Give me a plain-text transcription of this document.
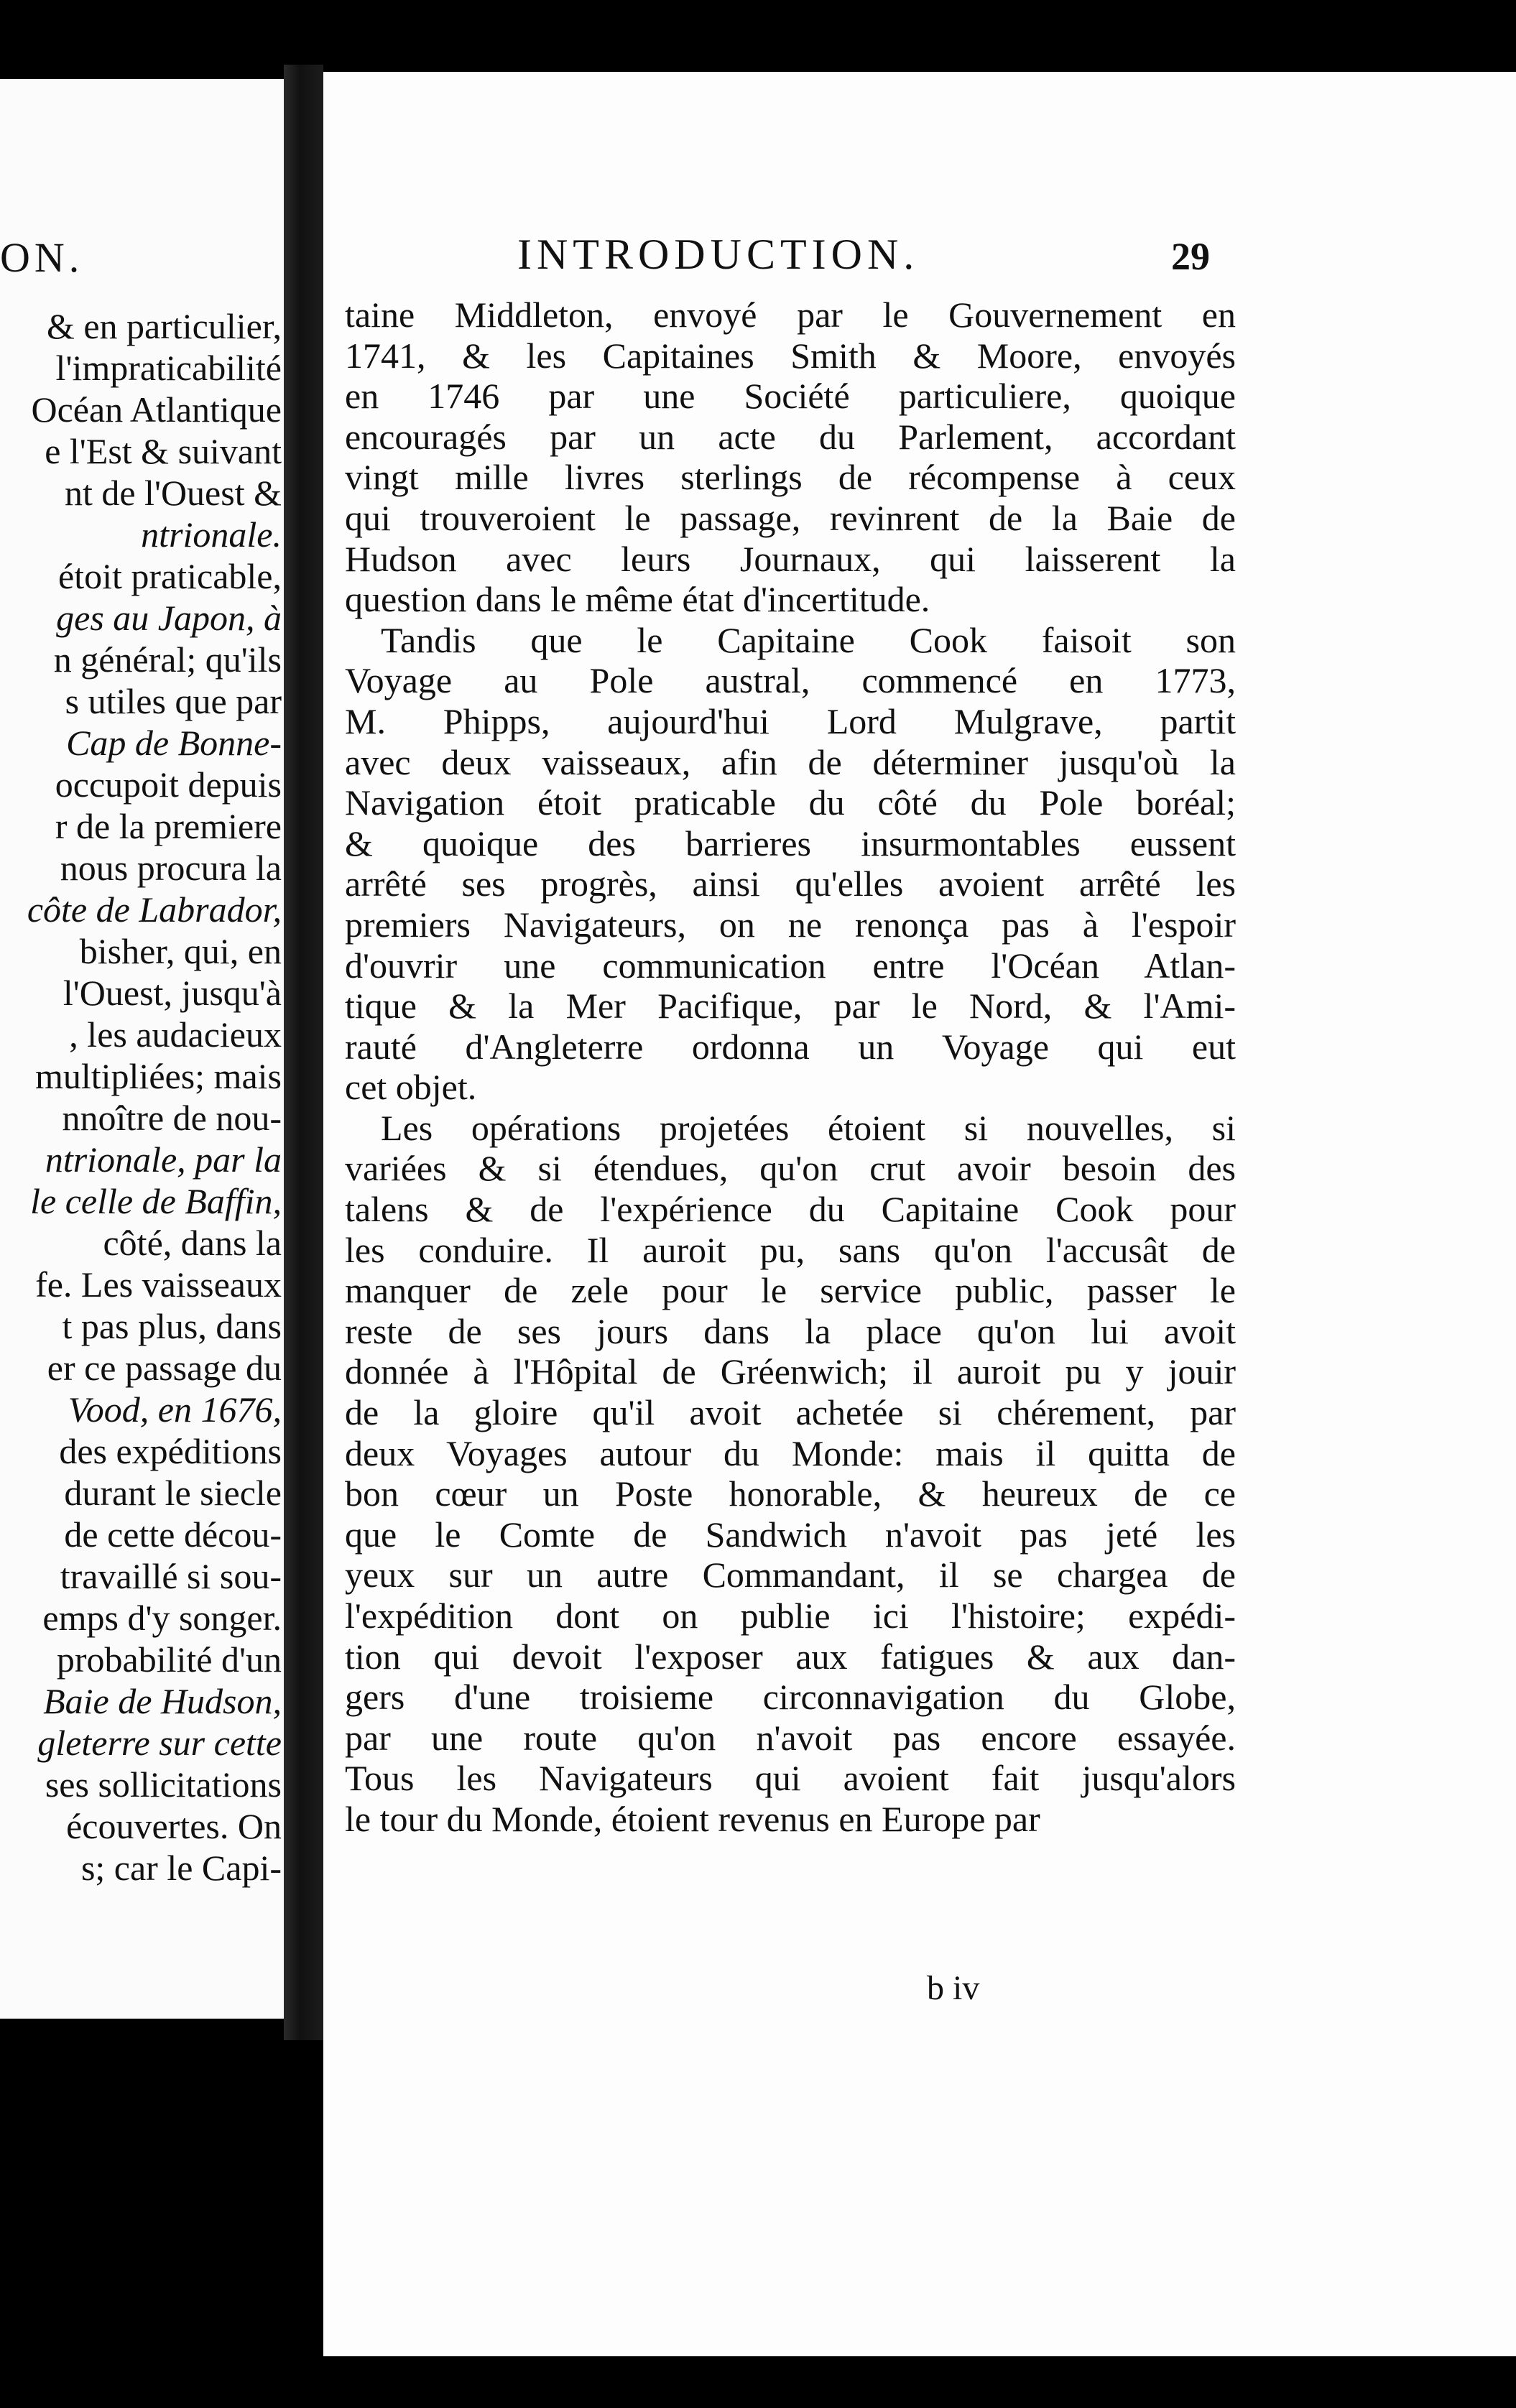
ON.
& en particulier,
l'impraticabilité
Océan Atlantique
e l'Est & suivant
nt de l'Ouest &
ntrionale.
étoit praticable,
ges au Japon, à
n général; qu'ils
s utiles que par
Cap de Bonne-
occupoit depuis
r de la premiere
nous procura la
côte de Labrador,
bisher, qui, en
l'Ouest, jusqu'à
, les audacieux
multipliées; mais
nnoître de nou-
ntrionale, par la
le celle de Baffin,
côté, dans la
fe. Les vaisseaux
t pas plus, dans
er ce passage du
Vood, en 1676,
des expéditions
durant le siecle
de cette décou-
travaillé si sou-
emps d'y songer.
probabilité d'un
Baie de Hudson,
gleterre sur cette
ses sollicitations
écouvertes. On
s; car le Capi-
INTRODUCTION.	29
taine Middleton, envoyé par le Gouvernement en
1741, & les Capitaines Smith & Moore, envoyés
en 1746 par une Société particuliere, quoique
encouragés par un acte du Parlement, accordant
vingt mille livres sterlings de récompense à ceux
qui trouveroient le passage, revinrent de la Baie de
Hudson avec leurs Journaux, qui laisserent la
question dans le même état d'incertitude.
Tandis que le Capitaine Cook faisoit son
Voyage au Pole austral, commencé en 1773,
M. Phipps, aujourd'hui Lord Mulgrave, partit
avec deux vaisseaux, afin de déterminer jusqu'où la
Navigation étoit praticable du côté du Pole boréal;
& quoique des barrieres insurmontables eussent
arrêté ses progrès, ainsi qu'elles avoient arrêté les
premiers Navigateurs, on ne renonça pas à l'espoir
d'ouvrir une communication entre l'Océan Atlan-
tique & la Mer Pacifique, par le Nord, & l'Ami-
rauté d'Angleterre ordonna un Voyage qui eut
cet objet.
Les opérations projetées étoient si nouvelles, si
variées & si étendues, qu'on crut avoir besoin des
talens & de l'expérience du Capitaine Cook pour
les conduire. Il auroit pu, sans qu'on l'accusât de
manquer de zele pour le service public, passer le
reste de ses jours dans la place qu'on lui avoit
donnée à l'Hôpital de Gréenwich; il auroit pu y jouir
de la gloire qu'il avoit achetée si chérement, par
deux Voyages autour du Monde: mais il quitta de
bon cœur un Poste honorable, & heureux de ce
que le Comte de Sandwich n'avoit pas jeté les
yeux sur un autre Commandant, il se chargea de
l'expédition dont on publie ici l'histoire; expédi-
tion qui devoit l'exposer aux fatigues & aux dan-
gers d'une troisieme circonnavigation du Globe,
par une route qu'on n'avoit pas encore essayée.
Tous les Navigateurs qui avoient fait jusqu'alors
le tour du Monde, étoient revenus en Europe par
b iv
